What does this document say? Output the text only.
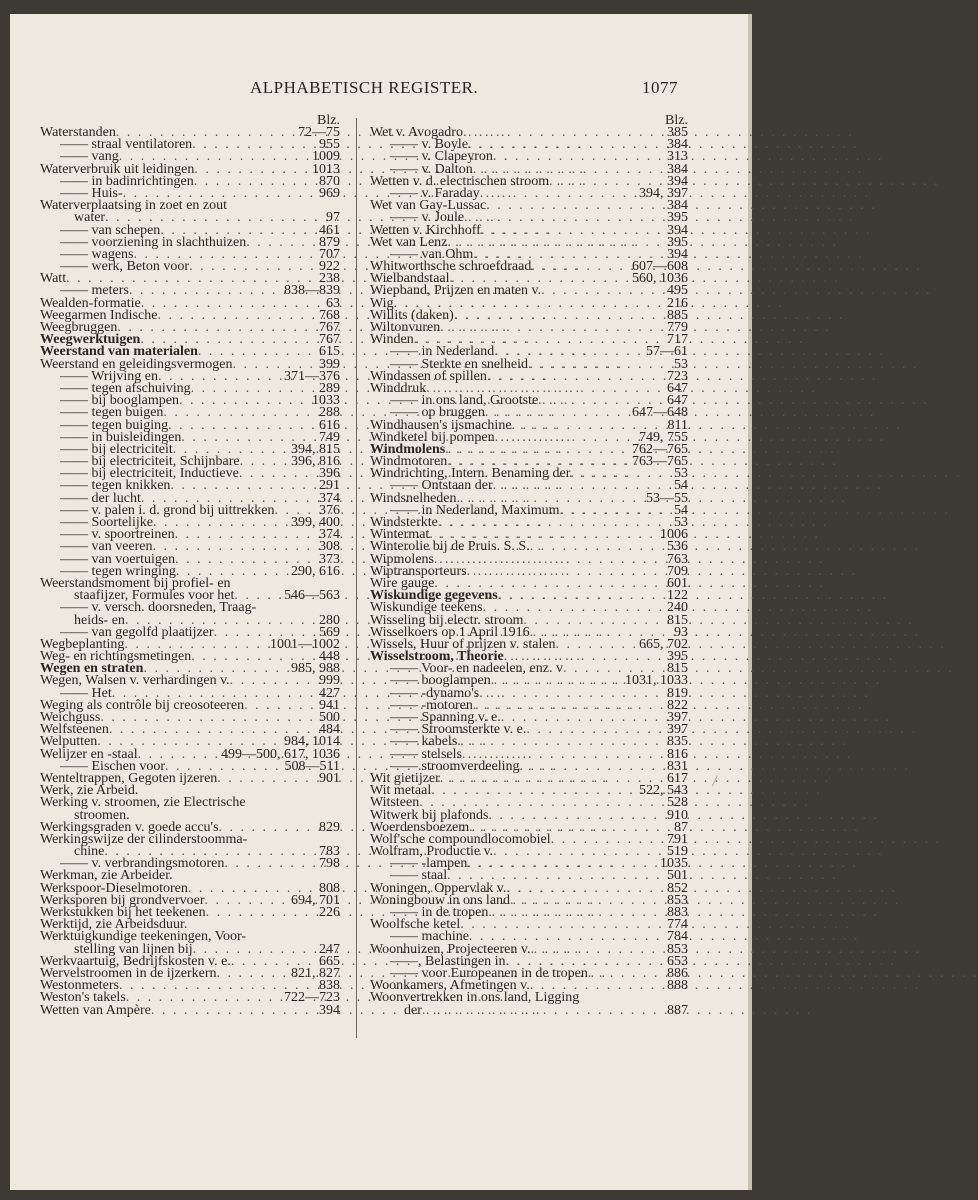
ALPHABETISCH REGISTER.	1077
Blz.
Waterstanden . . .	72—75
—— straal ventilatoren . . .	955
—— vang . . .	1009
Waterverbruik uit leidingen . . .	1013
—— in badinrichtingen . . .	870
—— Huis- . . .	969
Waterverplaatsing in zoet en zout
water . . .	97
—— van schepen . . .	461
—— voorziening in slachthuizen . . .	879
—— wagens . . .	707
—— werk, Beton voor . . .	922
Watt . . .	238
—— meters . . .	838—839
Wealden-formatie . . .	63
Weegarmen Indische . . .	768
Weegbruggen . . .	767
Weegwerktuigen . . .	767
Weerstand van materialen . . .	615
Weerstand en geleidingsvermogen . . .	399
—— Wrijving en . . .	371—376
—— tegen afschuiving . . .	289
—— bij booglampen . . .	1033
—— tegen buigen . . .	288
—— tegen buiging . . .	616
—— in buisleidingen . . .	749
—— bij electriciteit . . .	394, 815
—— bij electriciteit, Schijnbare . . .	396, 816
—— bij electriciteit, Inductieve . . .	396
—— tegen knikken . . .	291
—— der lucht . . .	374
—— v. palen i. d. grond bij uittrekken . . .	376
—— Soortelijke . . .	399, 400
—— v. spoortreinen . . .	374
—— van veeren . . .	308
—— van voertuigen . . .	373
—— tegen wringing . . .	290, 616
Weerstandsmoment bij profiel- en
staafijzer, Formules voor het . . .	546—563
—— v. versch. doorsneden, Traag-
heids- en . . .	280
—— van gegolfd plaatijzer . . .	569
Wegbeplanting . . .	1001—1002
Weg- en richtingsmetingen . . .	448
Wegen en straten . . .	985, 988
Wegen, Walsen v. verhardingen v. . . .	999
—— Het . . .	427
Weging als contrôle bij creosoteeren . . .	941
Weichguss . . .	500
Welfsteenen . . .	484
Welputten . . .	984, 1014
Welijzer en -staal . . .	499—500, 617, 1036
—— Eischen voor . . .	508—511
Wenteltrappen, Gegoten ijzeren . . .	901
Werk, zie Arbeid.
Werking v. stroomen, zie Electrische
stroomen.
Werkingsgraden v. goede accu's . . .	829
Werkingswijze der cilinderstoomma-
chine . . .	783
—— v. verbrandingsmotoren . . .	798
Werkman, zie Arbeider.
Werkspoor-Dieselmotoren . . .	808
Werksporen bij grondvervoer . . .	694, 701
Werkstukken bij het teekenen . . .	226
Werktijd, zie Arbeidsduur.
Werktuigkundige teekeningen, Voor-
stelling van lijnen bij . . .	247
Werkvaartuig, Bedrijfskosten v. e. . . .	665
Wervelstroomen in de ijzerkern . . .	821, 827
Westonmeters . . .	838
Weston's takels . . .	722—723
Wetten van Ampère . . .	394
Blz.
Wet v. Avogadro . . .	385
—— v. Boyle . . .	384
—— v. Clapeyron . . .	313
—— v. Dalton . . .	384
Wetten v. d. electrischen stroom . . .	394
—— v. Faraday . . .	394, 397
Wet van Gay-Lussac . . .	384
—— v. Joule . . .	395
Wetten v. Kirchhoff . . .	394
Wet van Lenz . . .	395
—— van Ohm . . .	394
Whitworthsche schroefdraad . . .	607—608
Wielbandstaal . . .	560, 1036
Wiepband, Prijzen en maten v. . . .	495
Wig . . .	216
Willits (daken) . . .	885
Wiltonvuren . . .	779
Winden . . .	717
—— in Nederland . . .	57—61
—— Sterkte en snelheid . . .	53
Windassen of spillen . . .	723
Winddruk . . .	647
—— in ons land, Grootste . . .	647
—— op bruggen . . .	647—648
Windhausen's ijsmachine . . .	811
Windketel bij pompen . . .	749, 755
Windmolens . . .	762—765
Windmotoren . . .	763—765
Windrichting, Intern. Benaming der . . .	53
—— Ontstaan der . . .	54
Windsnelheden . . .	53—55
—— in Nederland, Maximum . . .	54
Windsterkte . . .	53
Wintermat . . .	1006
Winterolie bij de Pruis. S. S. . . .	536
Wipmolens . . .	763
Wiptransporteurs . . .	709
Wire gauge . . .	601
Wiskundige gegevens . . .	122
Wiskundige teekens . . .	240
Wisseling bij electr. stroom . . .	815
Wisselkoers op 1 April 1916 . . .	93
Wissels, Huur of prijzen v. stalen . . .	665, 702
Wisselstroom, Theorie . . .	395
—— Voor- en nadeelen, enz. v . . .	815
—— booglampen . . .	1031, 1033
—— -dynamo's . . .	819
—— -motoren . . .	822
—— Spanning v. e. . . .	397
—— Stroomsterkte v. e. . . .	397
—— kabels . . .	835
—— stelsels . . .	816
—— stroomverdeeling . . .	831
Wit gietijzer . . .	617
Wit metaal . . .	522, 543
Witsteen . . .	528
Witwerk bij plafonds . . .	910
Woerdensboezem . . .	87
Wolf'sche compoundlocomobiel . . .	791
Wolfram, Productie v. . . .	519
—— -lampen . . .	1035
—— staal . . .	501
Woningen, Oppervlak v. . . .	852
Woningbouw in ons land . . .	853
—— in de tropen . . .	883
Woolfsche ketel . . .	774
—— machine . . .	784
Woonhuizen, Projecteeren v. . . .	853
——, Belastingen in . . .	653
—— voor Europeanen in de tropen . . .	886
Woonkamers, Afmetingen v. . . .	888
Woonvertrekken in ons land, Ligging
der . . .	887
